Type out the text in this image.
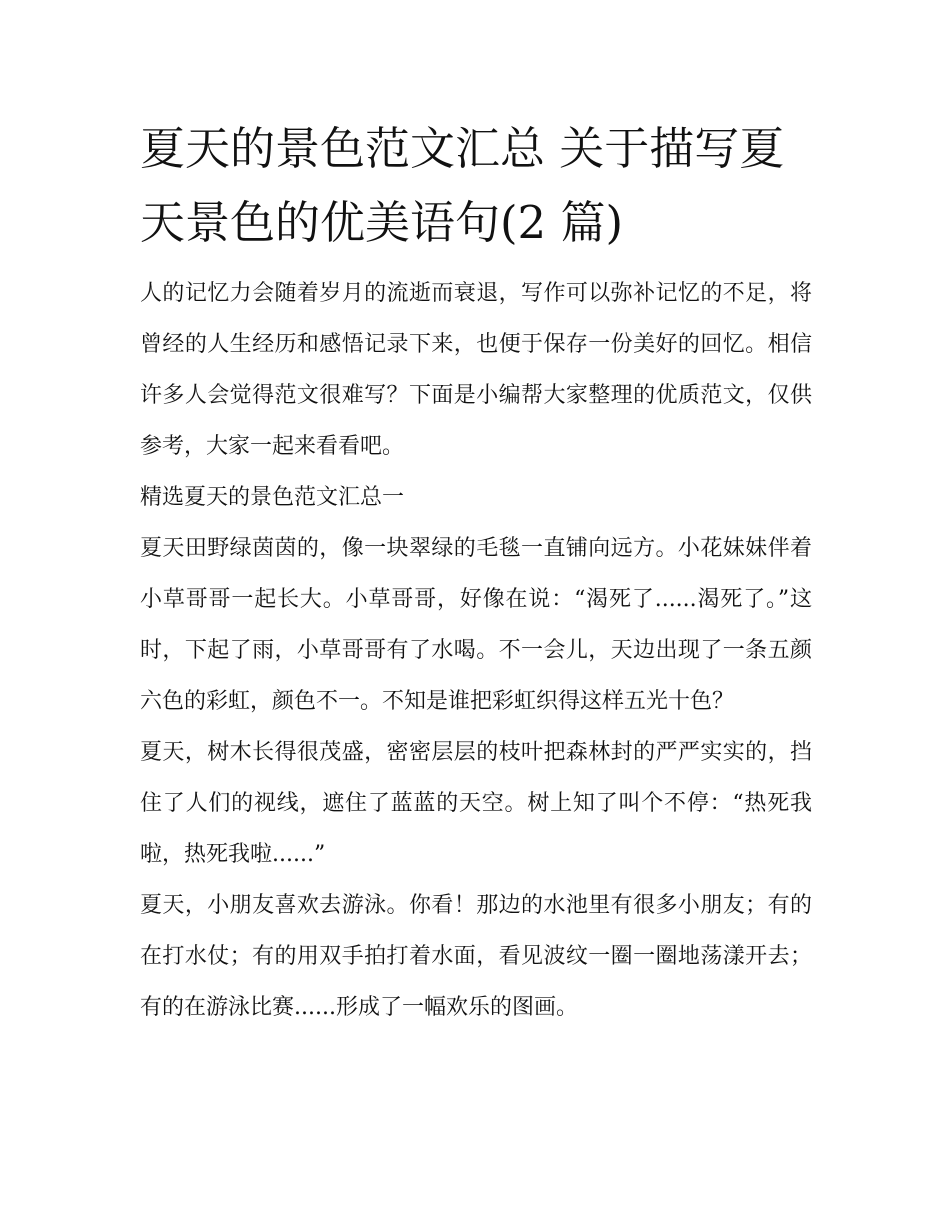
夏天的景色范文汇总 关于描写夏天景色的优美语句(2 篇)

人的记忆力会随着岁月的流逝而衰退，写作可以弥补记忆的不足，将曾经的人生经历和感悟记录下来，也便于保存一份美好的回忆。相信许多人会觉得范文很难写？下面是小编帮大家整理的优质范文，仅供参考，大家一起来看看吧。

精选夏天的景色范文汇总一

夏天田野绿茵茵的，像一块翠绿的毛毯一直铺向远方。小花妹妹伴着小草哥哥一起长大。小草哥哥，好像在说：“渴死了......渴死了。”这时，下起了雨，小草哥哥有了水喝。不一会儿，天边出现了一条五颜六色的彩虹，颜色不一。不知是谁把彩虹织得这样五光十色？

夏天，树木长得很茂盛，密密层层的枝叶把森林封的严严实实的，挡住了人们的视线，遮住了蓝蓝的天空。树上知了叫个不停：“热死我啦，热死我啦......”

夏天，小朋友喜欢去游泳。你看！那边的水池里有很多小朋友；有的在打水仗；有的用双手拍打着水面，看见波纹一圈一圈地荡漾开去；有的在游泳比赛......形成了一幅欢乐的图画。
